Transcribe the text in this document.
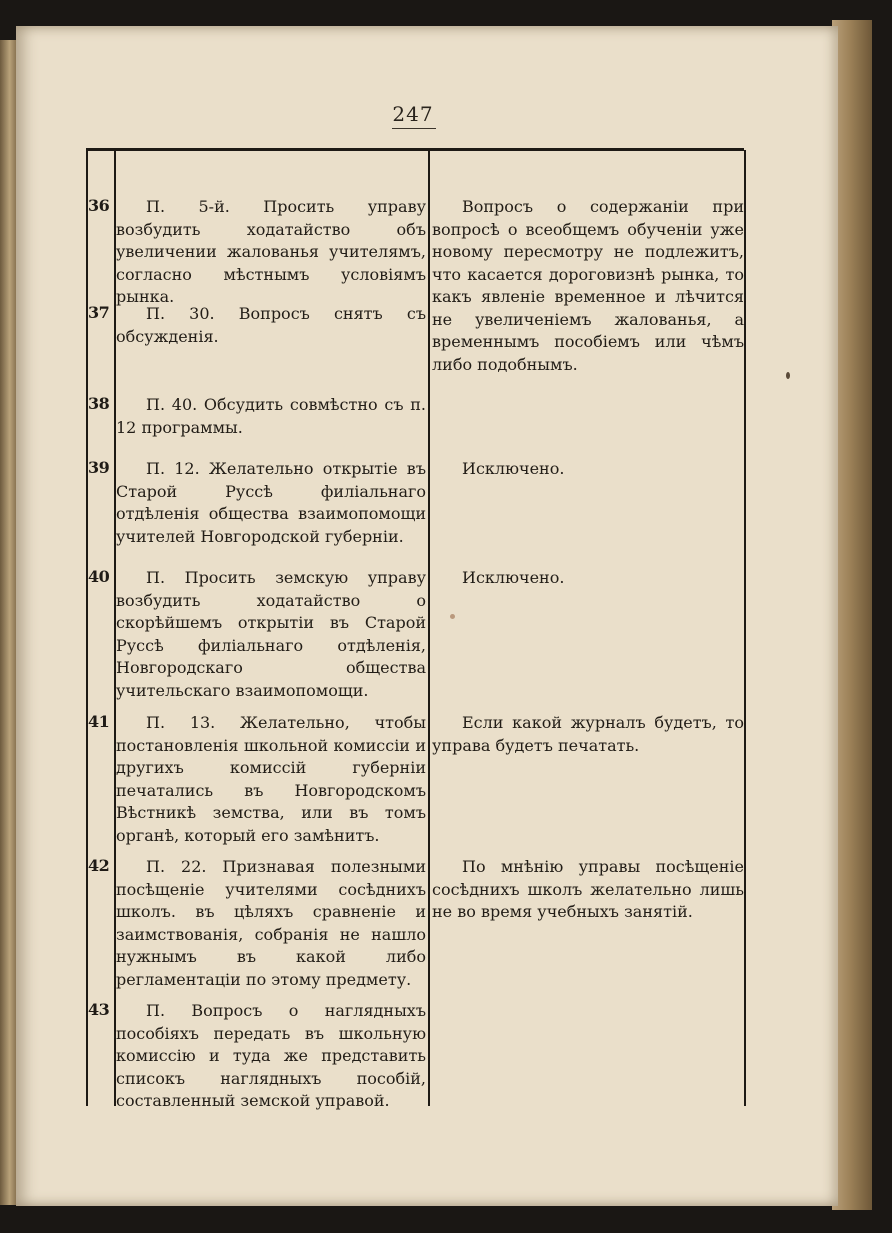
247
36	П. 5-й. Просить управу возбудить ходатайство объ увеличении жалованья учителямъ, согласно мѣстнымъ условiямъ рынка.
Вопросъ о содержанiи при вопросѣ о всеобщемъ обученiи уже новому пересмотру не подлежитъ, что касается дороговизнѣ рынка, то какъ явленiе временное и лѣчится не увеличенiемъ жалованья, а временнымъ пособiемъ или чѣмъ либо подобнымъ.
37	П. 30. Вопросъ снятъ съ обсужденiя.
38	П. 40. Обсудить совмѣстно съ п. 12 программы.
39	П. 12. Желательно открытiе въ Старой Руссѣ филiальнаго отдѣленiя общества взаимопомощи учителей Новгородской губернiи.
Исключено.
40	П. Просить земскую управу возбудить ходатайство о скорѣйшемъ открытiи въ Старой Руссѣ филiальнаго отдѣленiя, Новгородскаго общества учительскаго взаимопомощи.
Исключено.
41	П. 13. Желательно, чтобы постановленiя школьной комиссiи и другихъ комиссiй губернiи печатались въ Новгородскомъ Вѣстникѣ земства, или въ томъ органѣ, который его замѣнитъ.
Если какой журналъ будетъ, то управа будетъ печатать.
42	П. 22. Признавая полезными посѣщенiе учителями сосѣднихъ школъ. въ цѣляхъ сравненiе и заимствованiя, собранiя не нашло нужнымъ въ какой либо регламентацiи по этому предмету.
По мнѣнiю управы посѣщенiе сосѣднихъ школъ желательно лишь не во время учебныхъ занятiй.
43	П. Вопросъ о наглядныхъ пособiяхъ передать въ школьную комиссiю и туда же представить списокъ наглядныхъ пособiй, составленный земской управой.
